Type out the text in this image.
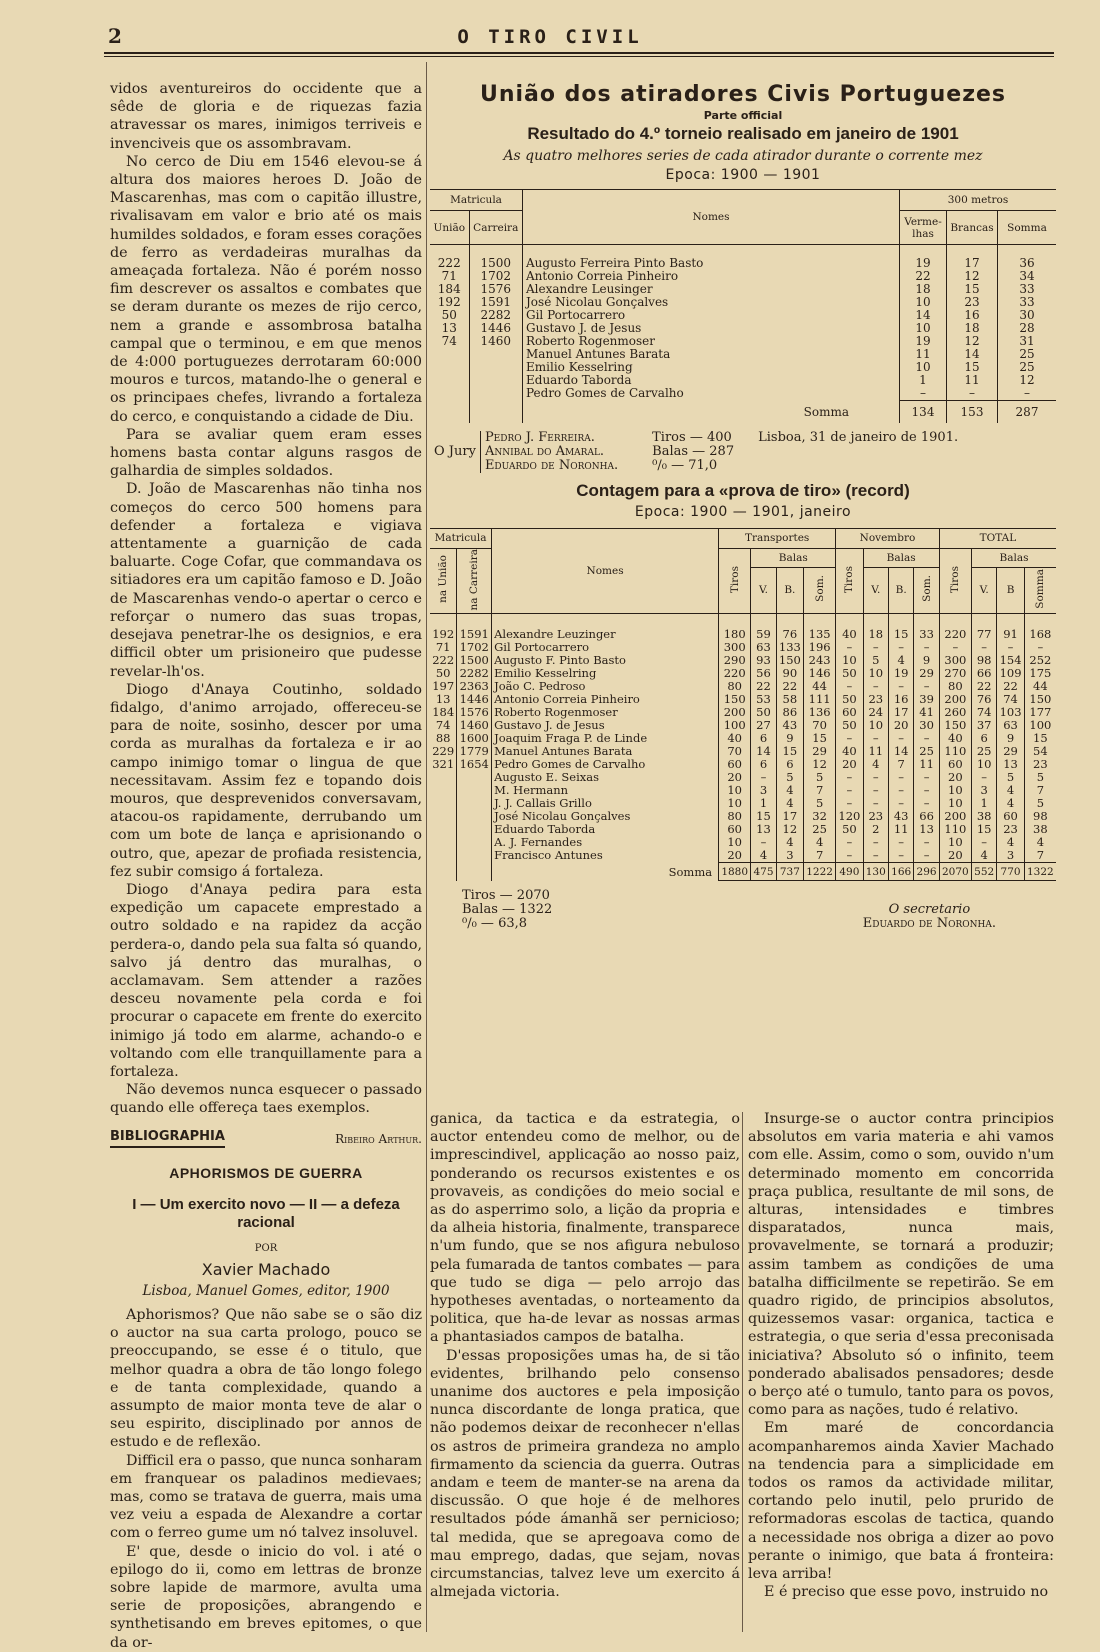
2	O TIRO CIVIL

vidos aventureiros do occidente que a sêde de gloria e de riquezas fazia atravessar os mares, inimigos terriveis e invenciveis que os assombravam.

No cerco de Diu em 1546 elevou-se á altura dos maiores heroes D. João de Mascarenhas, mas com o capitão illustre, rivalisavam em valor e brio até os mais humildes soldados, e foram esses corações de ferro as verdadeiras muralhas da ameaçada fortaleza. Não é porém nosso fim descrever os assaltos e combates que se deram durante os mezes de rijo cerco, nem a grande e assombrosa batalha campal que o terminou, e em que menos de 4:000 portuguezes derrotaram 60:000 mouros e turcos, matando-lhe o general e os principaes chefes, livrando a fortaleza do cerco, e conquistando a cidade de Diu.

Para se avaliar quem eram esses homens basta contar alguns rasgos de galhardia de simples soldados.

D. João de Mascarenhas não tinha nos começos do cerco 500 homens para defender a fortaleza e vigiava attentamente a guarnição de cada baluarte. Coge Cofar, que commandava os sitiadores era um capitão famoso e D. João de Mascarenhas vendo-o apertar o cerco e reforçar o numero das suas tropas, desejava penetrar-lhe os designios, e era difficil obter um prisioneiro que pudesse revelar-lh'os.

Diogo d'Anaya Coutinho, soldado fidalgo, d'animo arrojado, offereceu-se para de noite, sosinho, descer por uma corda as muralhas da fortaleza e ir ao campo inimigo tomar o lingua de que necessitavam. Assim fez e topando dois mouros, que desprevenidos conversavam, atacou-os rapidamente, derrubando um com um bote de lança e aprisionando o outro, que, apezar de profiada resistencia, fez subir comsigo á fortaleza.

Diogo d'Anaya pedira para esta expedição um capacete emprestado a outro soldado e na rapidez da acção perdera-o, dando pela sua falta só quando, salvo já dentro das muralhas, o acclamavam. Sem attender a razões desceu novamente pela corda e foi procurar o capacete em frente do exercito inimigo já todo em alarme, achando-o e voltando com elle tranquillamente para a fortaleza.

Não devemos nunca esquecer o passado quando elle offereça taes exemplos.

BIBLIOGRAPHIA	Ribeiro Arthur.
APHORISMOS DE GUERRA
I — Um exercito novo — II — a defeza racional
POR
Xavier Machado
Lisboa, Manuel Gomes, editor, 1900

Aphorismos? Que não sabe se o são diz o auctor na sua carta prologo, pouco se preoccupando, se esse é o titulo, que melhor quadra a obra de tão longo folego e de tanta complexidade, quando a assumpto de maior monta teve de alar o seu espirito, disciplinado por annos de estudo e de reflexão.

Difficil era o passo, que nunca sonharam em franquear os paladinos medievaes; mas, como se tratava de guerra, mais uma vez veiu a espada de Alexandre a cortar com o ferreo gume um nó talvez insoluvel.

E' que, desde o inicio do vol. i até o epilogo do ii, como em lettras de bronze sobre lapide de marmore, avulta uma serie de proposições, abrangendo e synthetisando em breves epitomes, o que da or-

União dos atiradores Civis Portuguezes
Parte official
Resultado do 4.º torneio realisado em janeiro de 1901
As quatro melhores series de cada atirador durante o corrente mez
Epoca: 1900 — 1901
Matricula		Nomes	300 metros		
União	Carreira		Verme-lhas	Brancas	Somma
222	1500	Augusto Ferreira Pinto Basto	19	17	36
71	1702	Antonio Correia Pinheiro	22	12	34
184	1576	Alexandre Leusinger	18	15	33
192	1591	José Nicolau Gonçalves	10	23	33
50	2282	Gil Portocarrero	14	16	30
13	1446	Gustavo J. de Jesus	10	18	28
74	1460	Roberto Rogenmoser	19	12	31
		Manuel Antunes Barata	11	14	25
		Emilio Kesselring	10	15	25
		Eduardo Taborda	1	11	12
		Pedro Gomes de Carvalho	–	–	–
		Somma	134	153	287
O Jury	Pedro J. Ferreira.	Tiros — 400	Lisboa, 31 de janeiro de 1901.
	Annibal do Amaral.	Balas — 287	
	Eduardo de Noronha.	⁰/₀ — 71,0	
Contagem para a «prova de tiro» (record)
Epoca: 1900 — 1901, janeiro
Matricula		Nomes	Transportes				Novembro				TOTAL			
na União	na Carreira		Tiros	Balas			Tiros	Balas			Tiros	Balas		
				V.	B.	Som.		V.	B.	Som.		V.	B	Somma
192	1591	Alexandre Leuzinger	180	59	76	135	40	18	15	33	220	77	91	168
71	1702	Gil Portocarrero	300	63	133	196	–	–	–	–	–	–	–	–
222	1500	Augusto F. Pinto Basto	290	93	150	243	10	5	4	9	300	98	154	252
50	2282	Emilio Kesselring	220	56	90	146	50	10	19	29	270	66	109	175
197	2363	João C. Pedroso	80	22	22	44	–	–	–	–	80	22	22	44
13	1446	Antonio Correia Pinheiro	150	53	58	111	50	23	16	39	200	76	74	150
184	1576	Roberto Rogenmoser	200	50	86	136	60	24	17	41	260	74	103	177
74	1460	Gustavo J. de Jesus	100	27	43	70	50	10	20	30	150	37	63	100
88	1600	Joaquim Fraga P. de Linde	40	6	9	15	–	–	–	–	40	6	9	15
229	1779	Manuel Antunes Barata	70	14	15	29	40	11	14	25	110	25	29	54
321	1654	Pedro Gomes de Carvalho	60	6	6	12	20	4	7	11	60	10	13	23
		Augusto E. Seixas	20	–	5	5	–	–	–	–	20	–	5	5
		M. Hermann	10	3	4	7	–	–	–	–	10	3	4	7
		J. J. Callais Grillo	10	1	4	5	–	–	–	–	10	1	4	5
		José Nicolau Gonçalves	80	15	17	32	120	23	43	66	200	38	60	98
		Eduardo Taborda	60	13	12	25	50	2	11	13	110	15	23	38
		A. J. Fernandes	10	–	4	4	–	–	–	–	10	–	4	4
		Francisco Antunes	20	4	3	7	–	–	–	–	20	4	3	7
		Somma	1880	475	737	1222	490	130	166	296	2070	552	770	1322
Tiros — 2070
Balas — 1322
⁰/₀ — 63,8
O secretario
Eduardo de Noronha.

ganica, da tactica e da estrategia, o auctor entendeu como de melhor, ou de imprescindivel, applicação ao nosso paiz, ponderando os recursos existentes e os provaveis, as condições do meio social e as do asperrimo solo, a lição da propria e da alheia historia, finalmente, transparece n'um fundo, que se nos afigura nebuloso pela fumarada de tantos combates — para que tudo se diga — pelo arrojo das hypotheses aventadas, o norteamento da politica, que ha-de levar as nossas armas a phantasiados campos de batalha.

D'essas proposições umas ha, de si tão evidentes, brilhando pelo consenso unanime dos auctores e pela imposição nunca discordante de longa pratica, que não podemos deixar de reconhecer n'ellas os astros de primeira grandeza no amplo firmamento da sciencia da guerra. Outras andam e teem de manter-se na arena da discussão. O que hoje é de melhores resultados póde ámanhã ser pernicioso; tal medida, que se apregoava como de mau emprego, dadas, que sejam, novas circumstancias, talvez leve um exercito á almejada victoria.

Insurge-se o auctor contra principios absolutos em varia materia e ahi vamos com elle. Assim, como o som, ouvido n'um determinado momento em concorrida praça publica, resultante de mil sons, de alturas, intensidades e timbres disparatados, nunca mais, provavelmente, se tornará a produzir; assim tambem as condições de uma batalha difficilmente se repetirão. Se em quadro rigido, de principios absolutos, quizessemos vasar: organica, tactica e estrategia, o que seria d'essa preconisada iniciativa? Absoluto só o infinito, teem ponderado abalisados pensadores; desde o berço até o tumulo, tanto para os povos, como para as nações, tudo é relativo.

Em maré de concordancia acompanharemos ainda Xavier Machado na tendencia para a simplicidade em todos os ramos da actividade militar, cortando pelo inutil, pelo prurido de reformadoras escolas de tactica, quando a necessidade nos obriga a dizer ao povo perante o inimigo, que bata á fronteira: leva arriba!

E é preciso que esse povo, instruido no
